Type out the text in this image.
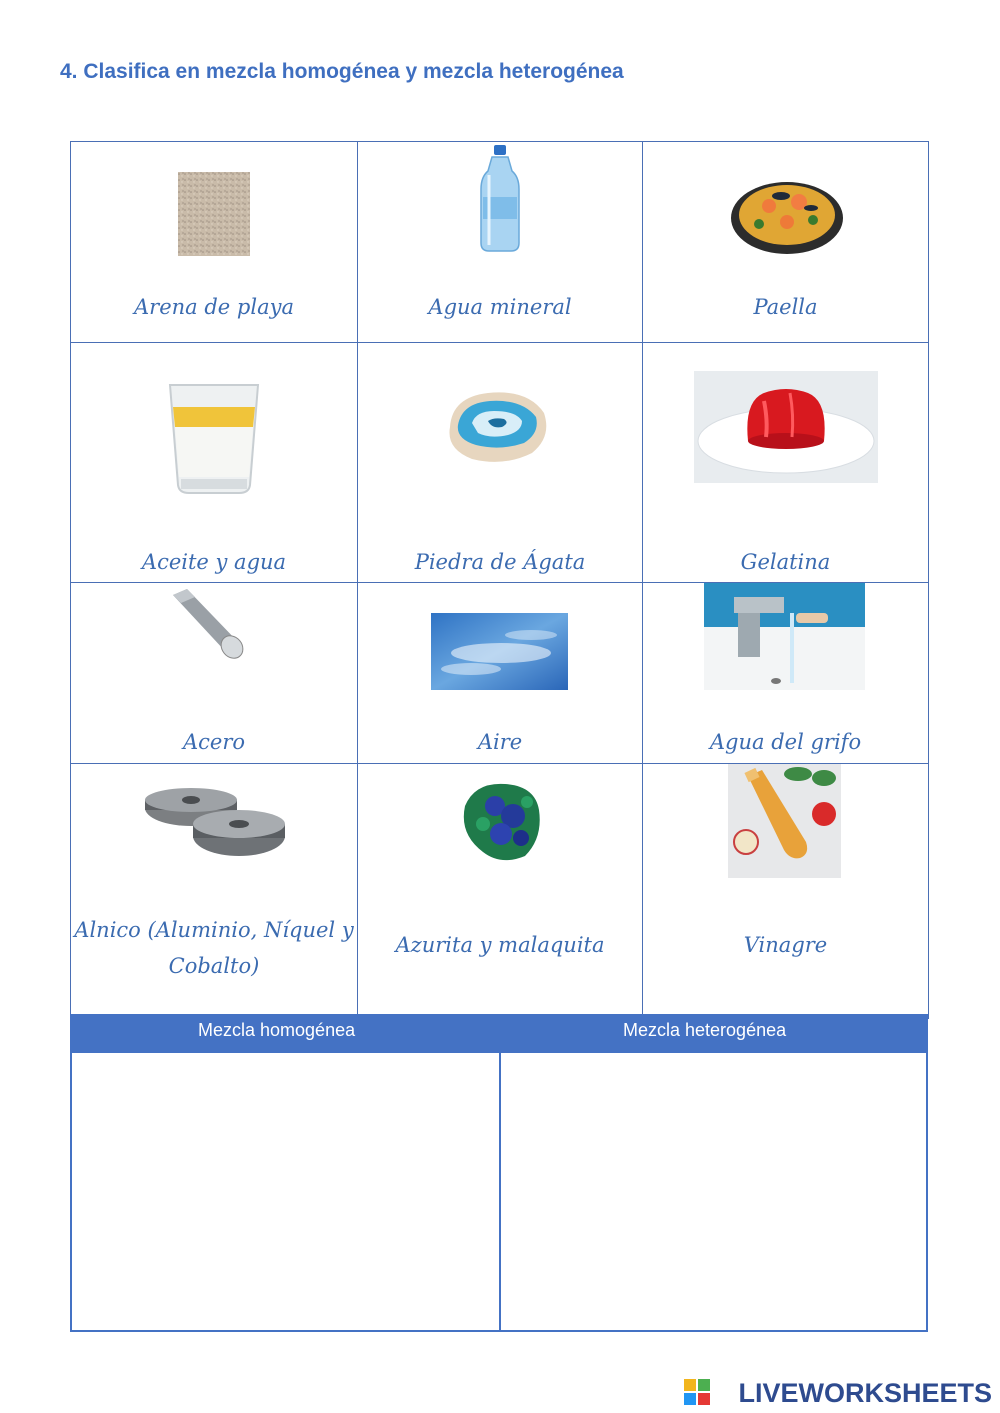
4. Clasifica en mezcla homogénea y mezcla heterogénea
Arena de playa	Agua mineral	Paella

Aceite y agua	Piedra de Ágata	Gelatina

Acero	Aire	Agua del grifo

Alnico (Aluminio, Níquel y
Cobalto)	Azurita y malaquita	Vinagre
Mezcla homogénea	Mezcla heterogénea
LIVEWORKSHEETS
